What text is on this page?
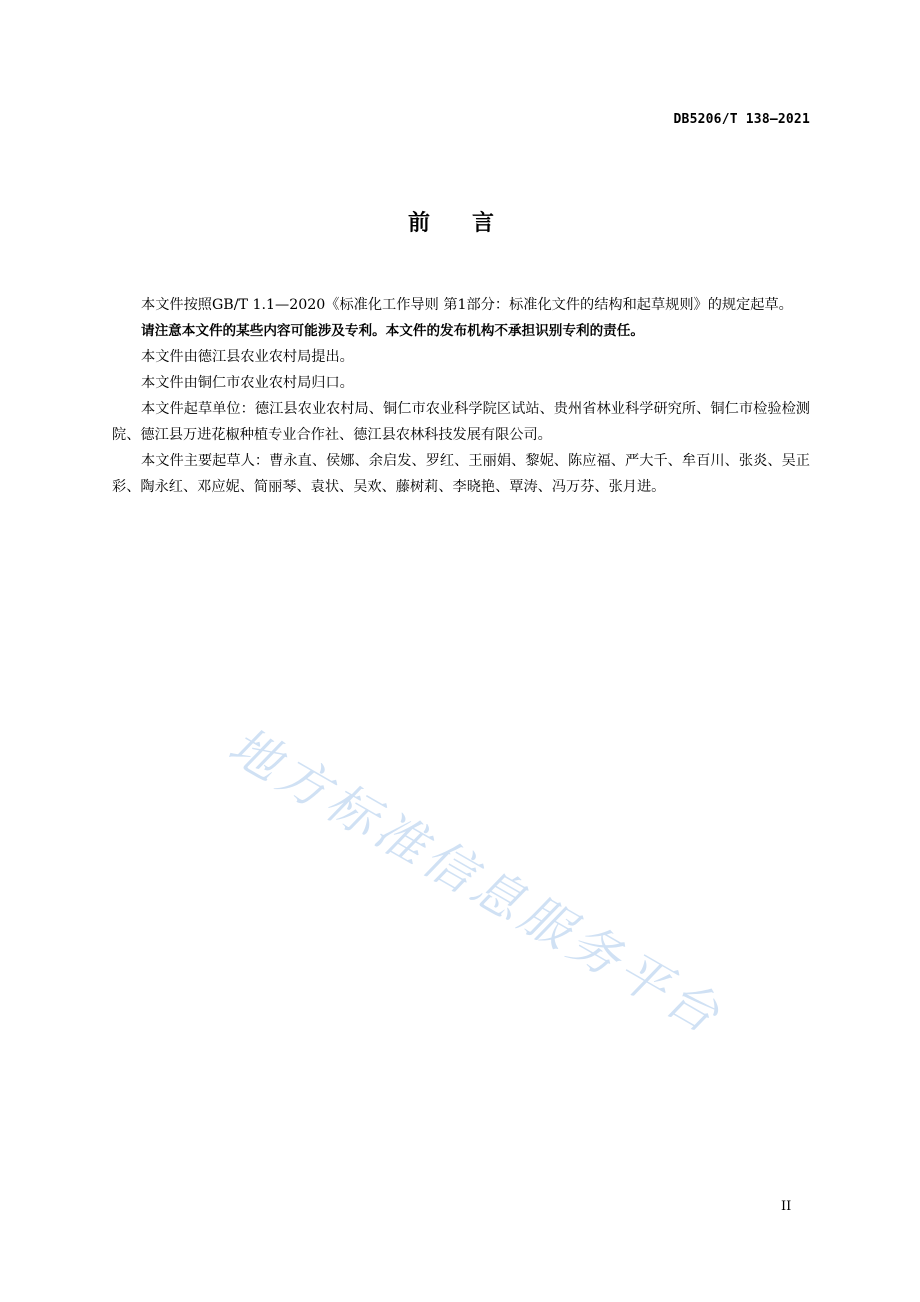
DB5206/T 138—2021
前言

本文件按照GB/T 1.1—2020《标准化工作导则 第1部分：标准化文件的结构和起草规则》的规定起草。

请注意本文件的某些内容可能涉及专利。本文件的发布机构不承担识别专利的责任。

本文件由德江县农业农村局提出。

本文件由铜仁市农业农村局归口。

本文件起草单位：德江县农业农村局、铜仁市农业科学院区试站、贵州省林业科学研究所、铜仁市检验检测院、德江县万进花椒种植专业合作社、德江县农林科技发展有限公司。

本文件主要起草人：曹永直、侯娜、余启发、罗红、王丽娟、黎妮、陈应福、严大千、牟百川、张炎、吴正彩、陶永红、邓应妮、简丽琴、袁状、吴欢、藤树莉、李晓艳、覃涛、冯万芬、张月进。

地方标准信息服务平台
II
